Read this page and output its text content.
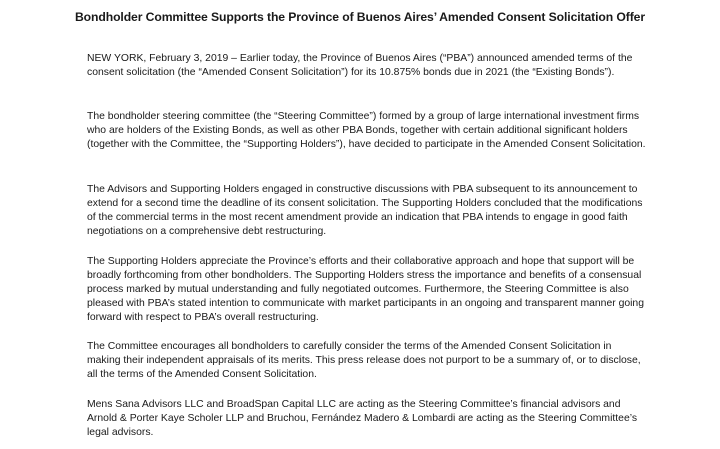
Bondholder Committee Supports the Province of Buenos Aires’ Amended Consent Solicitation Offer

NEW YORK, February 3, 2019 – Earlier today, the Province of Buenos Aires (“PBA”) announced amended terms of the consent solicitation (the “Amended Consent Solicitation”) for its 10.875% bonds due in 2021 (the “Existing Bonds”).

The bondholder steering committee (the “Steering Committee”) formed by a group of large international investment firms who are holders of the Existing Bonds, as well as other PBA Bonds, together with certain additional significant holders (together with the Committee, the “Supporting Holders”), have decided to participate in the Amended Consent Solicitation.

The Advisors and Supporting Holders engaged in constructive discussions with PBA subsequent to its announcement to extend for a second time the deadline of its consent solicitation. The Supporting Holders concluded that the modifications of the commercial terms in the most recent amendment provide an indication that PBA intends to engage in good faith negotiations on a comprehensive debt restructuring.

The Supporting Holders appreciate the Province’s efforts and their collaborative approach and hope that support will be broadly forthcoming from other bondholders. The Supporting Holders stress the importance and benefits of a consensual process marked by mutual understanding and fully negotiated outcomes. Furthermore, the Steering Committee is also pleased with PBA’s stated intention to communicate with market participants in an ongoing and transparent manner going forward with respect to PBA’s overall restructuring.

The Committee encourages all bondholders to carefully consider the terms of the Amended Consent Solicitation in making their independent appraisals of its merits. This press release does not purport to be a summary of, or to disclose, all the terms of the Amended Consent Solicitation.

Mens Sana Advisors LLC and BroadSpan Capital LLC are acting as the Steering Committee’s financial advisors and Arnold & Porter Kaye Scholer LLP and Bruchou, Fernández Madero & Lombardi are acting as the Steering Committee’s legal advisors.
